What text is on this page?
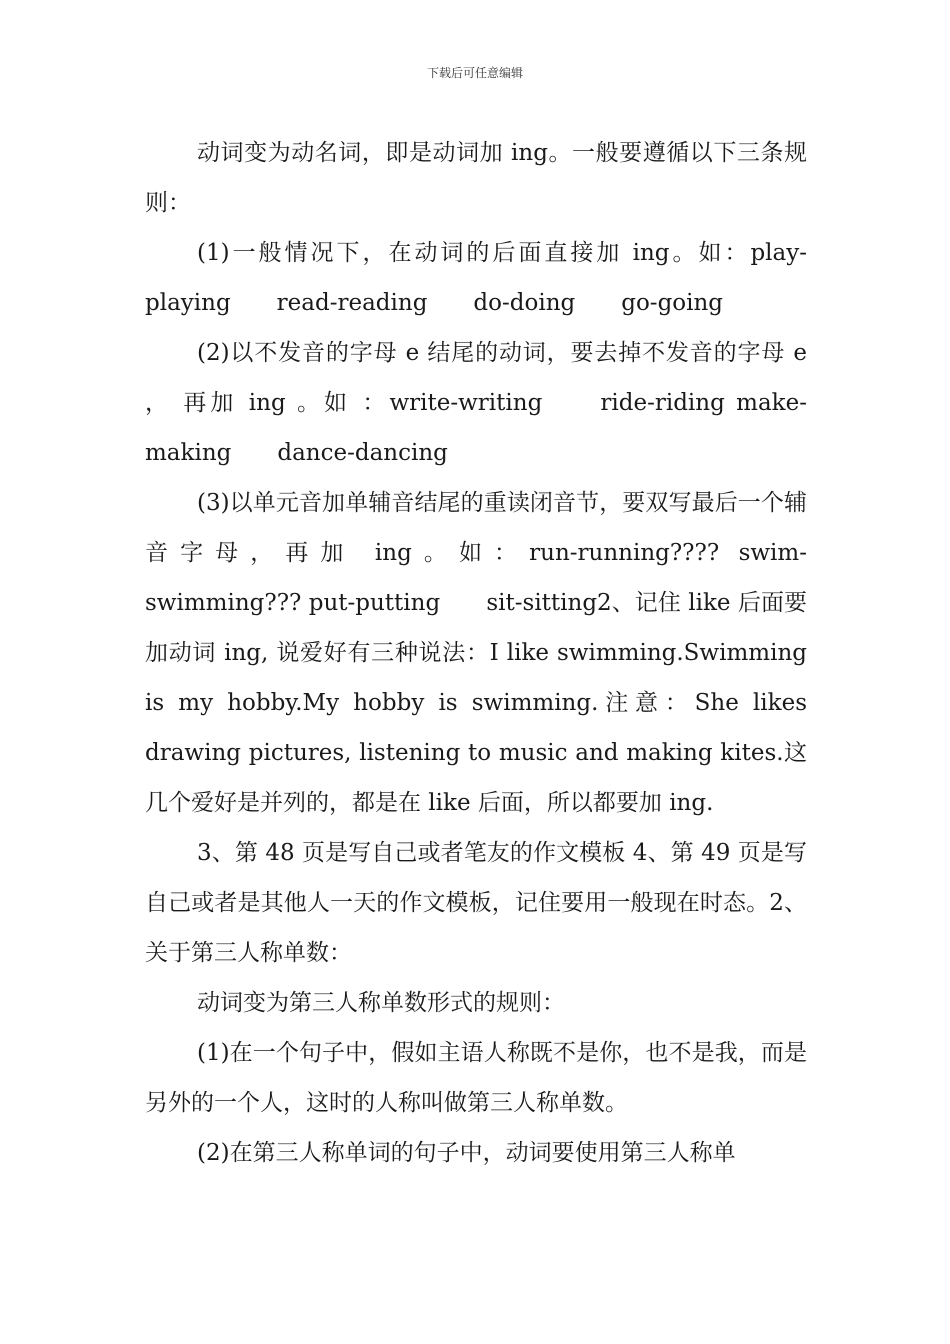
下载后可任意编辑

动词变为动名词，即是动词加 ing。一般要遵循以下三条规则：

(1)一般情况下，在动词的后面直接加 ing。如：play-playing　　read-reading　　do-doing　　go-going

(2)以不发音的字母 e 结尾的动词，要去掉不发音的字母 e ， 再加 ing 。如 ：write-writing　　ride-riding make-making　　dance-dancing

(3)以单元音加单辅音结尾的重读闭音节，要双写最后一个辅音字母，再加 ing。如：run-running???? swim-swimming??? put-putting　　sit-sitting2、记住 like 后面要加动词 ing, 说爱好有三种说法：I like swimming.Swimming is my hobby.My hobby is swimming.注意：She likes drawing pictures, listening to music and making kites.这几个爱好是并列的，都是在 like 后面，所以都要加 ing.

3、第 48 页是写自己或者笔友的作文模板 4、第 49 页是写自己或者是其他人一天的作文模板，记住要用一般现在时态。2、关于第三人称单数：

动词变为第三人称单数形式的规则：

(1)在一个句子中，假如主语人称既不是你，也不是我，而是另外的一个人，这时的人称叫做第三人称单数。

(2)在第三人称单词的句子中，动词要使用第三人称单
